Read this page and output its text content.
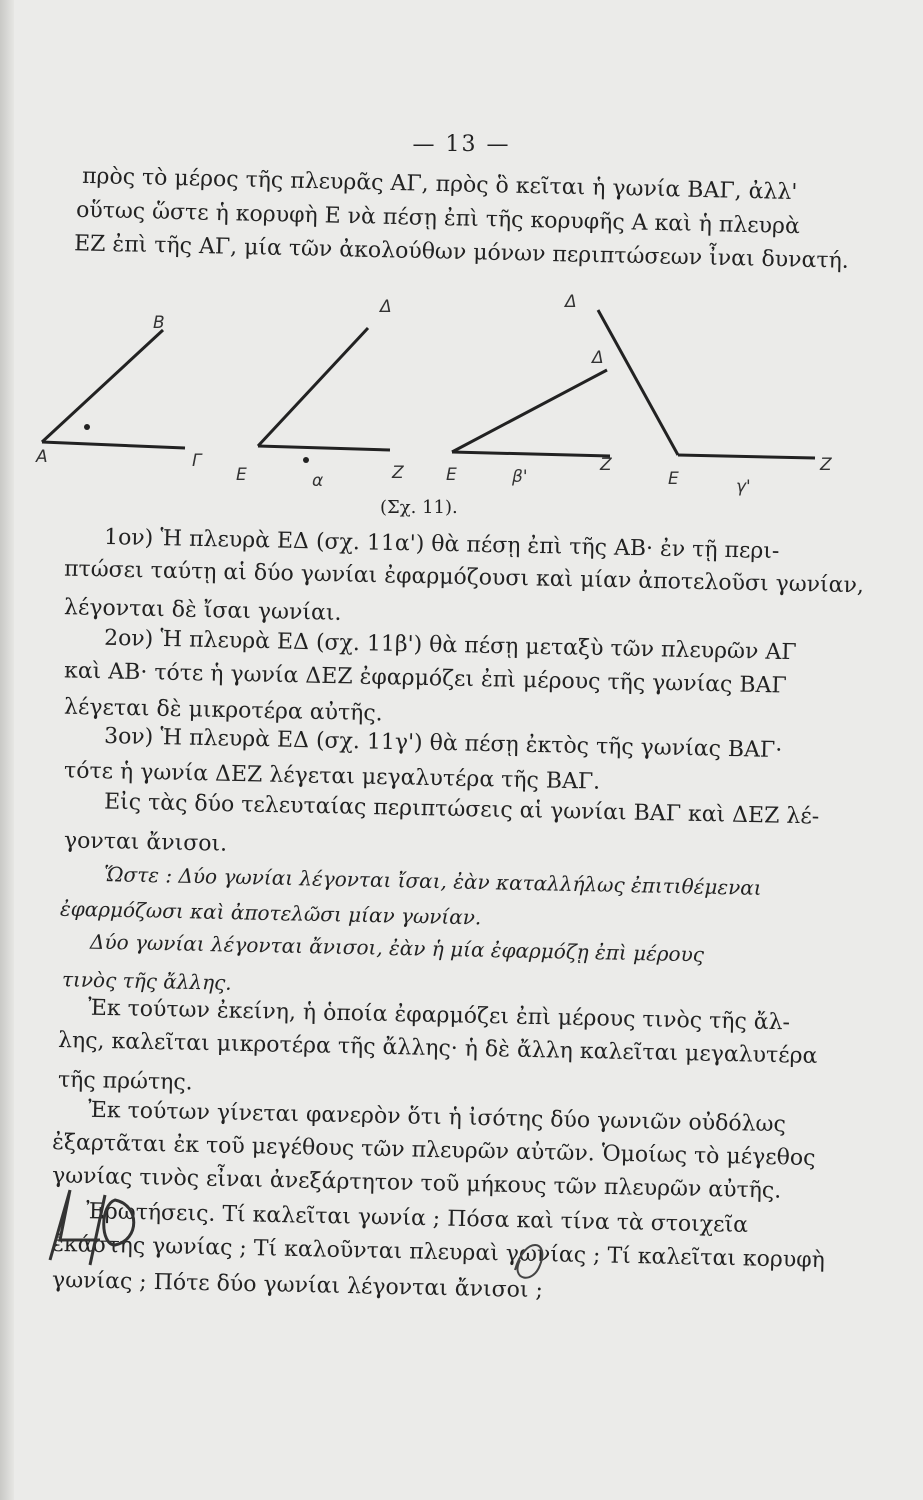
— 13 —
πρὸς τὸ μέρος τῆς πλευρᾶς ΑΓ, πρὸς ὃ κεῖται ἡ γωνία ΒΑΓ, ἀλλ'
οὕτως ὥστε ἡ κορυφὴ Ε νὰ πέσῃ ἐπὶ τῆς κορυφῆς Α καὶ ἡ πλευρὰ
ΕΖ ἐπὶ τῆς ΑΓ, μία τῶν ἀκολούθων μόνων περιπτώσεων ἶναι δυνατή.
Β
Δ	Δ
Δ
Α	Γ
Ε	α	Ζ Ε	β'
Ζ
Ε	γ'
Ζ
(Σχ. 11).
1ον) Ἡ πλευρὰ ΕΔ (σχ. 11α') θὰ πέσῃ ἐπὶ τῆς ΑΒ· ἐν τῇ περι-
πτώσει ταύτῃ αἱ δύο γωνίαι ἐφαρμόζουσι καὶ μίαν ἀποτελοῦσι γωνίαν,
λέγονται δὲ ἴσαι γωνίαι.
2ον) Ἡ πλευρὰ ΕΔ (σχ. 11β') θὰ πέσῃ μεταξὺ τῶν πλευρῶν ΑΓ
καὶ ΑΒ· τότε ἡ γωνία ΔΕΖ ἐφαρμόζει ἐπὶ μέρους τῆς γωνίας ΒΑΓ
λέγεται δὲ μικροτέρα αὐτῆς.
3ον) Ἡ πλευρὰ ΕΔ (σχ. 11γ') θὰ πέσῃ ἐκτὸς τῆς γωνίας ΒΑΓ·
τότε ἡ γωνία ΔΕΖ λέγεται μεγαλυτέρα τῆς ΒΑΓ.
Εἰς τὰς δύο τελευταίας περιπτώσεις αἱ γωνίαι ΒΑΓ καὶ ΔΕΖ λέ-
γονται ἄνισοι.
Ὥστε : Δύο γωνίαι λέγονται ἴσαι, ἐὰν καταλλήλως ἐπιτιθέμεναι
ἐφαρμόζωσι καὶ ἀποτελῶσι μίαν γωνίαν.
Δύο γωνίαι λέγονται ἄνισοι, ἐὰν ἡ μία ἐφαρμόζῃ ἐπὶ μέρους
τινὸς τῆς ἄλλης.
Ἐκ τούτων ἐκείνη, ἡ ὁποία ἐφαρμόζει ἐπὶ μέρους τινὸς τῆς ἄλ-
λης, καλεῖται μικροτέρα τῆς ἄλλης· ἡ δὲ ἄλλη καλεῖται μεγαλυτέρα
τῆς πρώτης.
Ἐκ τούτων γίνεται φανερὸν ὅτι ἡ ἰσότης δύο γωνιῶν οὐδόλως
ἐξαρτᾶται ἐκ τοῦ μεγέθους τῶν πλευρῶν αὐτῶν. Ὁμοίως τὸ μέγεθος
γωνίας τινὸς εἶναι ἀνεξάρτητον τοῦ μήκους τῶν πλευρῶν αὐτῆς.
Ἐρωτήσεις. Τί καλεῖται γωνία ; Πόσα καὶ τίνα τὰ στοιχεῖα
ἑκάστης γωνίας ; Τί καλοῦνται πλευραὶ γωνίας ; Τί καλεῖται κορυφὴ
γωνίας ; Πότε δύο γωνίαι λέγονται ἄνισοι ;
